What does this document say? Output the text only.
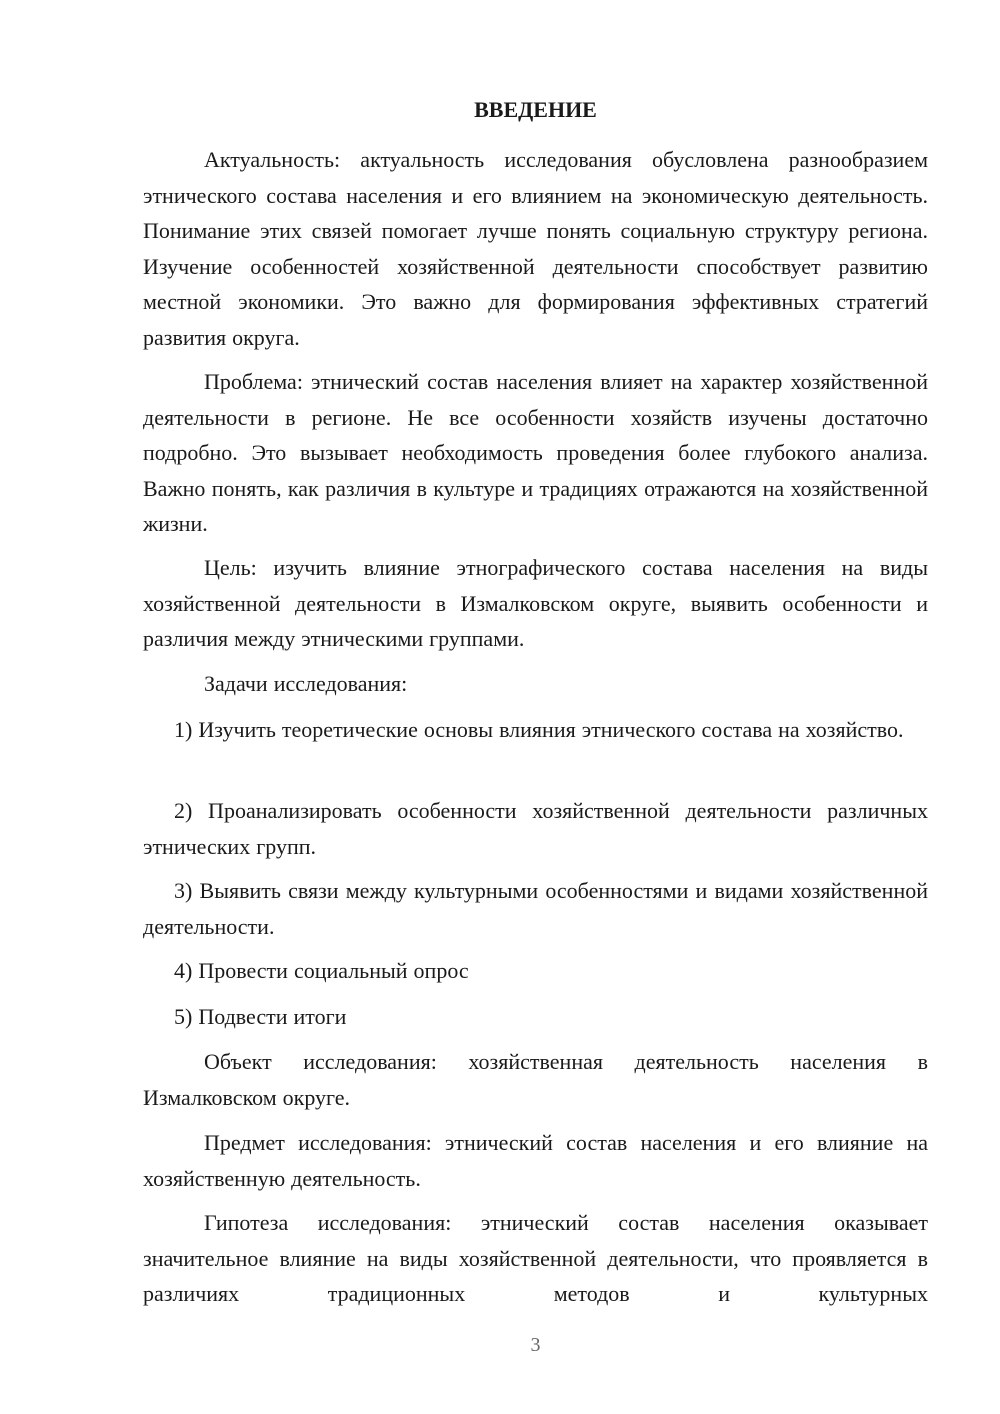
ВВЕДЕНИЕ

Актуальность: актуальность исследования обусловлена разнообразием этнического состава населения и его влиянием на экономическую деятельность. Понимание этих связей помогает лучше понять социальную структуру региона. Изучение особенностей хозяйственной деятельности способствует развитию местной экономики. Это важно для формирования эффективных стратегий развития округа.

Проблема: этнический состав населения влияет на характер хозяйственной деятельности в регионе. Не все особенности хозяйств изучены достаточно подробно. Это вызывает необходимость проведения более глубокого анализа. Важно понять, как различия в культуре и традициях отражаются на хозяйственной жизни.

Цель: изучить влияние этнографического состава населения на виды хозяйственной деятельности в Измалковском округе, выявить особенности и различия между этническими группами.

Задачи исследования:

1) Изучить теоретические основы влияния этнического состава на хозяйство.

2) Проанализировать особенности хозяйственной деятельности различных этнических групп.

3) Выявить связи между культурными особенностями и видами хозяйственной деятельности.

4) Провести социальный опрос

5) Подвести итоги

Объект исследования: хозяйственная деятельность населения в Измалковском округе.

Предмет исследования: этнический состав населения и его влияние на хозяйственную деятельность.

Гипотеза исследования: этнический состав населения оказывает значительное влияние на виды хозяйственной деятельности, что проявляется в различиях традиционных методов и культурных

3
